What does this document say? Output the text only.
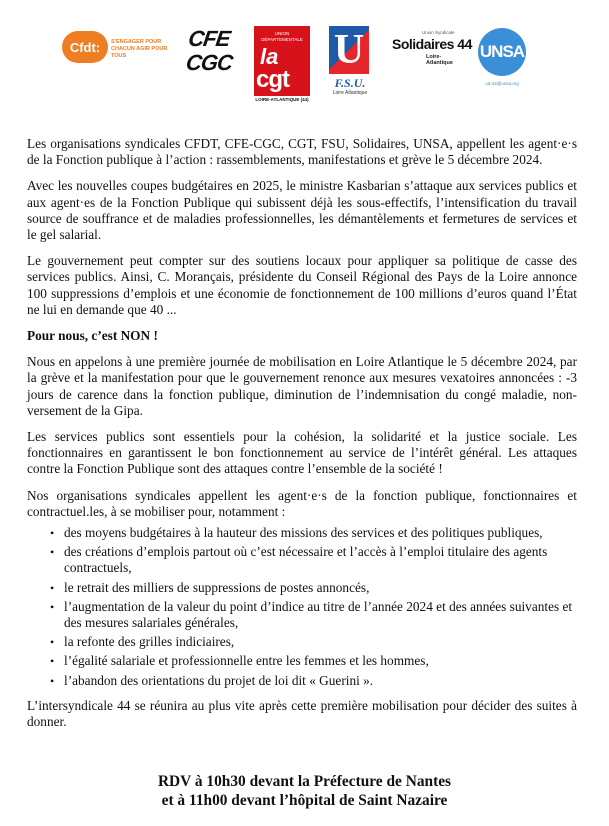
Cfdt:	S'ENGAGER POUR CHACUN AGIR POUR TOUS
CFE
CGC
UNION DÉPARTEMENTALE
la
cgt
LOIRE-ATLANTIQUE (44)
U
F.S.U.
Loire Atlantique
Union Syndicale
Solidaires 44
Loire-Atlantique
UNSA
ud-44@unsa.org

Les organisations syndicales CFDT, CFE-CGC, CGT, FSU, Solidaires, UNSA, appellent les agent·e·s de la Fonction publique à l’action : rassemblements, manifestations et grève le 5 décembre 2024.

Avec les nouvelles coupes budgétaires en 2025, le ministre Kasbarian s’attaque aux services publics et aux agent·es de la Fonction Publique qui subissent déjà les sous-effectifs, l’intensification du travail source de souffrance et de maladies professionnelles, les démantèlements et fermetures de services et le gel salarial.

Le gouvernement peut compter sur des soutiens locaux pour appliquer sa politique de casse des services publics. Ainsi, C. Morançais, présidente du Conseil Régional des Pays de la Loire annonce 100 suppressions d’emplois et une économie de fonctionnement de 100 millions d’euros quand l’État ne lui en demande que 40 ...

Pour nous, c’est NON !

Nous en appelons à une première journée de mobilisation en Loire Atlantique le 5 décembre 2024, par la grève et la manifestation pour que le gouvernement renonce aux mesures vexatoires annoncées : -3 jours de carence dans la fonction publique, diminution de l’indemnisation du congé maladie, non-versement de la Gipa.

Les services publics sont essentiels pour la cohésion, la solidarité et la justice sociale. Les fonctionnaires en garantissent le bon fonctionnement au service de l’intérêt général. Les attaques contre la Fonction Publique sont des attaques contre l’ensemble de la société !

Nos organisations syndicales appellent les agent·e·s de la fonction publique, fonctionnaires et contractuel.les, à se mobiliser pour, notamment :

• des moyens budgétaires à la hauteur des missions des services et des politiques publiques,
• des créations d’emplois partout où c’est nécessaire et l’accès à l’emploi titulaire des agents contractuels,
• le retrait des milliers de suppressions de postes annoncés,
• l’augmentation de la valeur du point d’indice au titre de l’année 2024 et des années suivantes et des mesures salariales générales,
• la refonte des grilles indiciaires,
• l’égalité salariale et professionnelle entre les femmes et les hommes,
• l’abandon des orientations du projet de loi dit « Guerini ».

L’intersyndicale 44 se réunira au plus vite après cette première mobilisation pour décider des suites à donner.

RDV à 10h30 devant la Préfecture de Nantes
et à 11h00 devant l’hôpital de Saint Nazaire
